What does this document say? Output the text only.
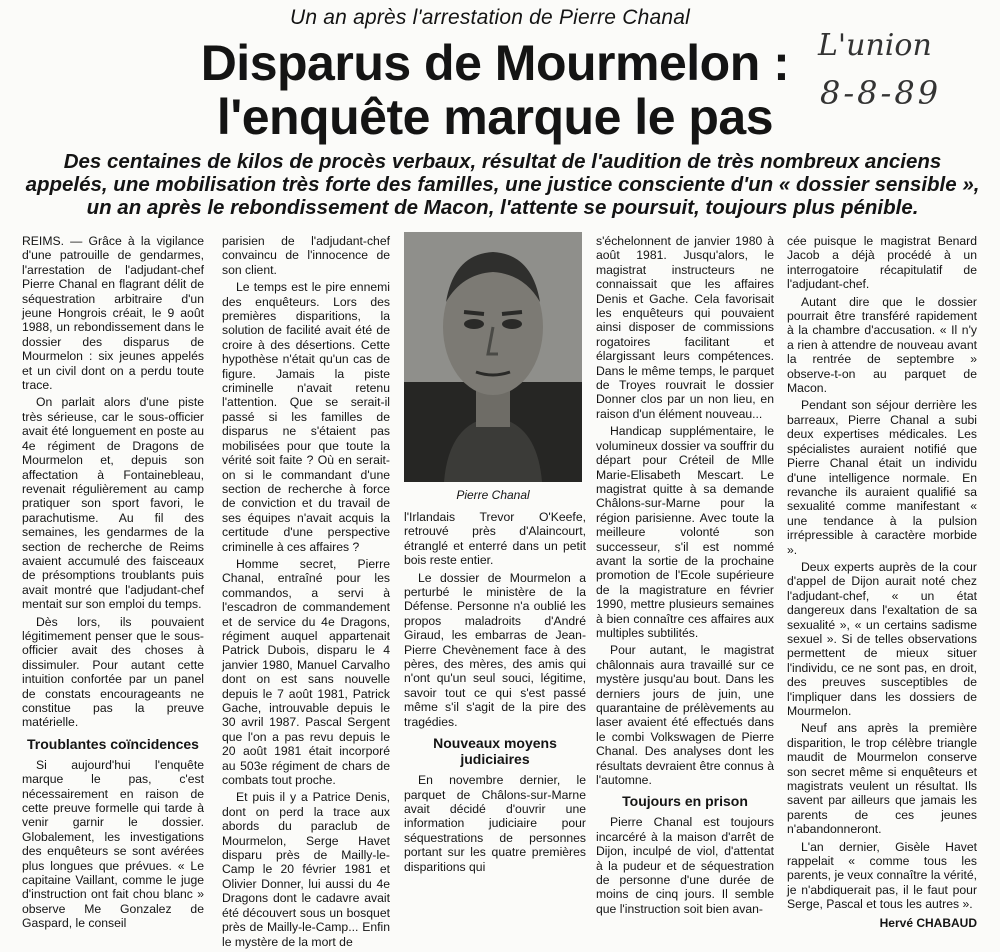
Un an après l'arrestation de Pierre Chanal
Disparus de Mourmelon :
l'enquête marque le pas
L'union
8-8-89
Des centaines de kilos de procès verbaux, résultat de l'audition de très nombreux anciens appelés, une mobilisation très forte des familles, une justice consciente d'un « dossier sensible », un an après le rebondissement de Macon, l'attente se poursuit, toujours plus pénible.

REIMS. — Grâce à la vigilance d'une patrouille de gendarmes, l'arrestation de l'adjudant-chef Pierre Chanal en flagrant délit de séquestration arbitraire d'un jeune Hongrois créait, le 9 août 1988, un rebondissement dans le dossier des disparus de Mourmelon : six jeunes appelés et un civil dont on a perdu toute trace.

On parlait alors d'une piste très sérieuse, car le sous-officier avait été longuement en poste au 4e régiment de Dragons de Mourmelon et, depuis son affectation à Fontainebleau, revenait régulièrement au camp pratiquer son sport favori, le parachutisme. Au fil des semaines, les gendarmes de la section de recherche de Reims avaient accumulé des faisceaux de présomptions troublants puis avait montré que l'adjudant-chef mentait sur son emploi du temps.

Dès lors, ils pouvaient légitimement penser que le sous-officier avait des choses à dissimuler. Pour autant cette intuition confortée par un panel de constats encourageants ne constitue pas la preuve matérielle.

Troublantes coïncidences

Si aujourd'hui l'enquête marque le pas, c'est nécessairement en raison de cette preuve formelle qui tarde à venir garnir le dossier. Globalement, les investigations des enquêteurs se sont avérées plus longues que prévues. « Le capitaine Vaillant, comme le juge d'instruction ont fait chou blanc » observe Me Gonzalez de Gaspard, le conseil

parisien de l'adjudant-chef convaincu de l'innocence de son client.

Le temps est le pire ennemi des enquêteurs. Lors des premières disparitions, la solution de facilité avait été de croire à des désertions. Cette hypothèse n'était qu'un cas de figure. Jamais la piste criminelle n'avait retenu l'attention. Que se serait-il passé si les familles de disparus ne s'étaient pas mobilisées pour que toute la vérité soit faite ? Où en serait-on si le commandant d'une section de recherche à force de conviction et du travail de ses équipes n'avait acquis la certitude d'une perspective criminelle à ces affaires ?

Homme secret, Pierre Chanal, entraîné pour les commandos, a servi à l'escadron de commandement et de service du 4e Dragons, régiment auquel appartenait Patrick Dubois, disparu le 4 janvier 1980, Manuel Carvalho dont on est sans nouvelle depuis le 7 août 1981, Patrick Gache, introuvable depuis le 30 avril 1987. Pascal Sergent que l'on a pas revu depuis le 20 août 1981 était incorporé au 503e régiment de chars de combats tout proche.

Et puis il y a Patrice Denis, dont on perd la trace aux abords du paraclub de Mourmelon, Serge Havet disparu près de Mailly-le-Camp le 20 février 1981 et Olivier Donner, lui aussi du 4e Dragons dont le cadavre avait été découvert sous un bosquet près de Mailly-le-Camp... Enfin le mystère de la mort de

Pierre Chanal

l'Irlandais Trevor O'Keefe, retrouvé près d'Alaincourt, étranglé et enterré dans un petit bois reste entier.

Le dossier de Mourmelon a perturbé le ministère de la Défense. Personne n'a oublié les propos maladroits d'André Giraud, les embarras de Jean-Pierre Chevènement face à des pères, des mères, des amis qui n'ont qu'un seul souci, légitime, savoir tout ce qui s'est passé même s'il s'agit de la pire des tragédies.

Nouveaux moyens judiciaires

En novembre dernier, le parquet de Châlons-sur-Marne avait décidé d'ouvrir une information judiciaire pour séquestrations de personnes portant sur les quatre premières disparitions qui

s'échelonnent de janvier 1980 à août 1981. Jusqu'alors, le magistrat instructeurs ne connaissait que les affaires Denis et Gache. Cela favorisait les enquêteurs qui pouvaient ainsi disposer de commissions rogatoires facilitant et élargissant leurs compétences. Dans le même temps, le parquet de Troyes rouvrait le dossier Donner clos par un non lieu, en raison d'un élément nouveau...

Handicap supplémentaire, le volumineux dossier va souffrir du départ pour Créteil de Mlle Marie-Elisabeth Mescart. Le magistrat quitte à sa demande Châlons-sur-Marne pour la région parisienne. Avec toute la meilleure volonté son successeur, s'il est nommé avant la sortie de la prochaine promotion de l'Ecole supérieure de la magistrature en février 1990, mettre plusieurs semaines à bien connaître ces affaires aux multiples subtilités.

Pour autant, le magistrat châlonnais aura travaillé sur ce mystère jusqu'au bout. Dans les derniers jours de juin, une quarantaine de prélèvements au laser avaient été effectués dans le combi Volkswagen de Pierre Chanal. Des analyses dont les résultats devraient être connus à l'automne.

Toujours en prison

Pierre Chanal est toujours incarcéré à la maison d'arrêt de Dijon, inculpé de viol, d'attentat à la pudeur et de séquestration de personne d'une durée de moins de cinq jours. Il semble que l'instruction soit bien avan-

cée puisque le magistrat Benard Jacob a déjà procédé à un interrogatoire récapitulatif de l'adjudant-chef.

Autant dire que le dossier pourrait être transféré rapidement à la chambre d'accusation. « Il n'y a rien à attendre de nouveau avant la rentrée de septembre » observe-t-on au parquet de Macon.

Pendant son séjour derrière les barreaux, Pierre Chanal a subi deux expertises médicales. Les spécialistes auraient notifié que Pierre Chanal était un individu d'une intelligence normale. En revanche ils auraient qualifié sa sexualité comme manifestant « une tendance à la pulsion irrépressible à caractère morbide ».

Deux experts auprès de la cour d'appel de Dijon aurait noté chez l'adjudant-chef, « un état dangereux dans l'exaltation de sa sexualité », « un certains sadisme sexuel ». Si de telles observations permettent de mieux situer l'individu, ce ne sont pas, en droit, des preuves susceptibles de l'impliquer dans les dossiers de Mourmelon.

Neuf ans après la première disparition, le trop célèbre triangle maudit de Mourmelon conserve son secret même si enquêteurs et magistrats veulent un résultat. Ils savent par ailleurs que jamais les parents de ces jeunes n'abandonneront.

L'an dernier, Gisèle Havet rappelait « comme tous les parents, je veux connaître la vérité, je n'abdiquerait pas, il le faut pour Serge, Pascal et tous les autres ».

Hervé CHABAUD
